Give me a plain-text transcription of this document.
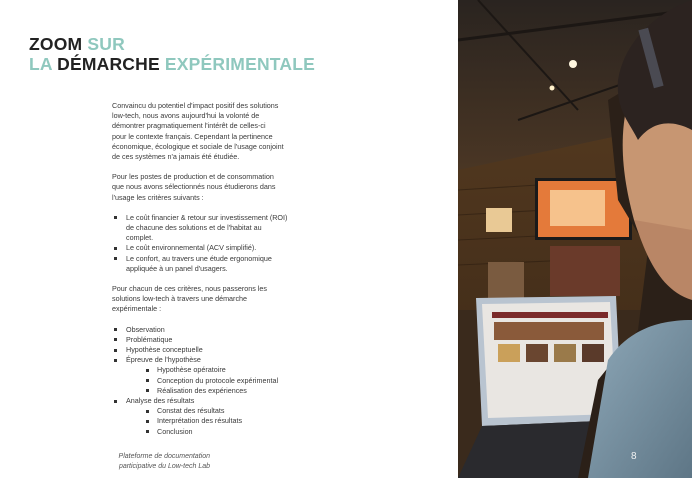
ZOOM SUR
LA DÉMARCHE EXPÉRIMENTALE

Convaincu du potentiel d'impact positif des solutions
low-tech, nous avons aujourd'hui la volonté de
démontrer pragmatiquement l'intérêt de celles-ci
pour le contexte français. Cependant la pertinence
économique, écologique et sociale de l'usage conjoint
de ces systèmes n'a jamais été étudiée.

Pour les postes de production et de consommation
que nous avons sélectionnés nous étudierons dans
l'usage les critères suivants :

Le coût financier & retour sur investissement (ROI)
de chacune des solutions et de l'habitat au
complet.
Le coût environnemental (ACV simplifié).
Le confort, au travers une étude ergonomique
appliquée à un panel d'usagers.

Pour chacun de ces critères, nous passerons les
solutions low-tech à travers une démarche
expérimentale :

Observation
Problématique
Hypothèse conceptuelle
Épreuve de l'hypothèse
Hypothèse opératoire
Conception du protocole expérimental
Réalisation des expériences
Analyse des résultats
Constat des résultats
Interprétation des résultats
Conclusion
Plateforme de documentation
participative du Low-tech Lab
8
